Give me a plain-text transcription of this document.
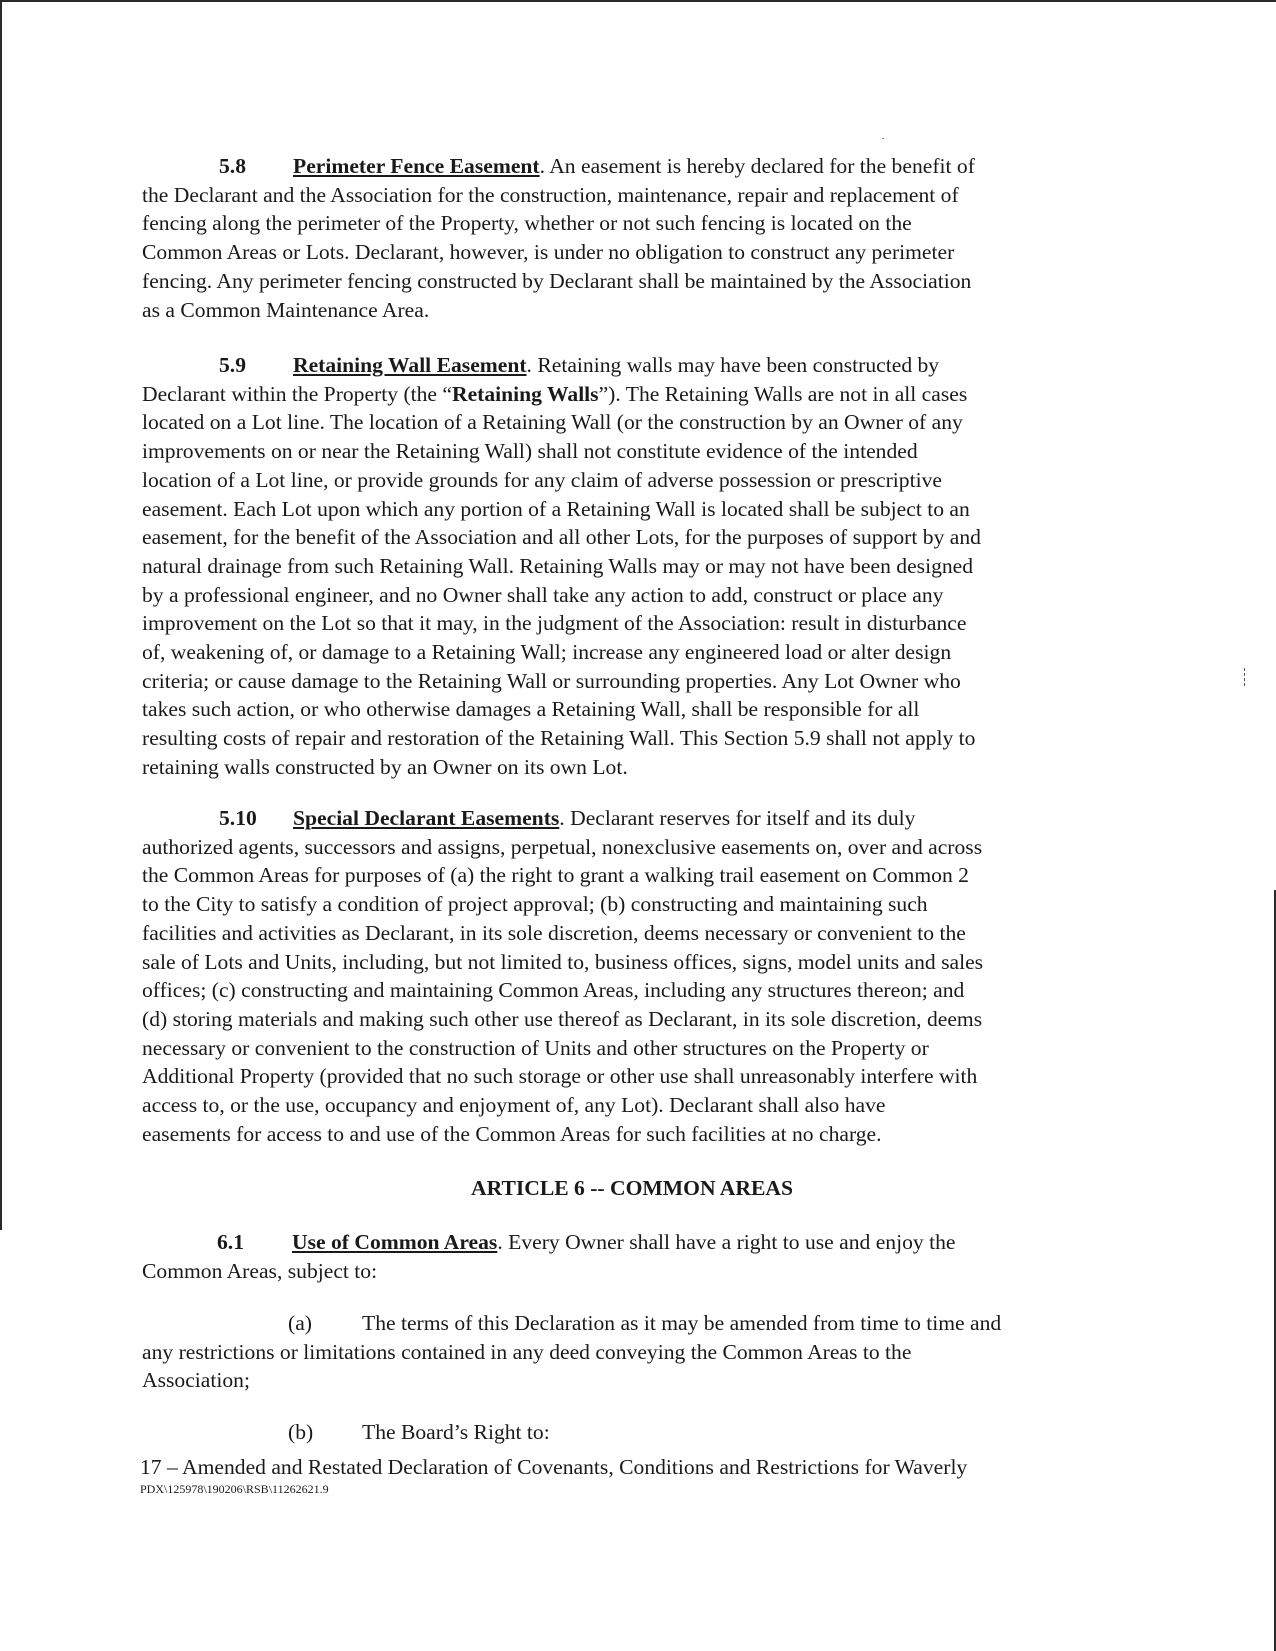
5.8 Perimeter Fence Easement. An easement is hereby declared for the benefit of

the Declarant and the Association for the construction, maintenance, repair and replacement of

fencing along the perimeter of the Property, whether or not such fencing is located on the

Common Areas or Lots. Declarant, however, is under no obligation to construct any perimeter

fencing. Any perimeter fencing constructed by Declarant shall be maintained by the Association

as a Common Maintenance Area.

5.9 Retaining Wall Easement. Retaining walls may have been constructed by

Declarant within the Property (the “Retaining Walls”). The Retaining Walls are not in all cases

located on a Lot line. The location of a Retaining Wall (or the construction by an Owner of any

improvements on or near the Retaining Wall) shall not constitute evidence of the intended

location of a Lot line, or provide grounds for any claim of adverse possession or prescriptive

easement. Each Lot upon which any portion of a Retaining Wall is located shall be subject to an

easement, for the benefit of the Association and all other Lots, for the purposes of support by and

natural drainage from such Retaining Wall. Retaining Walls may or may not have been designed

by a professional engineer, and no Owner shall take any action to add, construct or place any

improvement on the Lot so that it may, in the judgment of the Association: result in disturbance

of, weakening of, or damage to a Retaining Wall; increase any engineered load or alter design

criteria; or cause damage to the Retaining Wall or surrounding properties. Any Lot Owner who

takes such action, or who otherwise damages a Retaining Wall, shall be responsible for all

resulting costs of repair and restoration of the Retaining Wall. This Section 5.9 shall not apply to

retaining walls constructed by an Owner on its own Lot.

5.10 Special Declarant Easements. Declarant reserves for itself and its duly

authorized agents, successors and assigns, perpetual, nonexclusive easements on, over and across

the Common Areas for purposes of (a) the right to grant a walking trail easement on Common 2

to the City to satisfy a condition of project approval; (b) constructing and maintaining such

facilities and activities as Declarant, in its sole discretion, deems necessary or convenient to the

sale of Lots and Units, including, but not limited to, business offices, signs, model units and sales

offices; (c) constructing and maintaining Common Areas, including any structures thereon; and

(d) storing materials and making such other use thereof as Declarant, in its sole discretion, deems

necessary or convenient to the construction of Units and other structures on the Property or

Additional Property (provided that no such storage or other use shall unreasonably interfere with

access to, or the use, occupancy and enjoyment of, any Lot). Declarant shall also have

easements for access to and use of the Common Areas for such facilities at no charge.

ARTICLE 6 -- COMMON AREAS

6.1 Use of Common Areas. Every Owner shall have a right to use and enjoy the

Common Areas, subject to:

(a) The terms of this Declaration as it may be amended from time to time and

any restrictions or limitations contained in any deed conveying the Common Areas to the

Association;

(b) The Board’s Right to:

17 – Amended and Restated Declaration of Covenants, Conditions and Restrictions for Waverly
PDX\125978\190206\RSB\11262621.9
